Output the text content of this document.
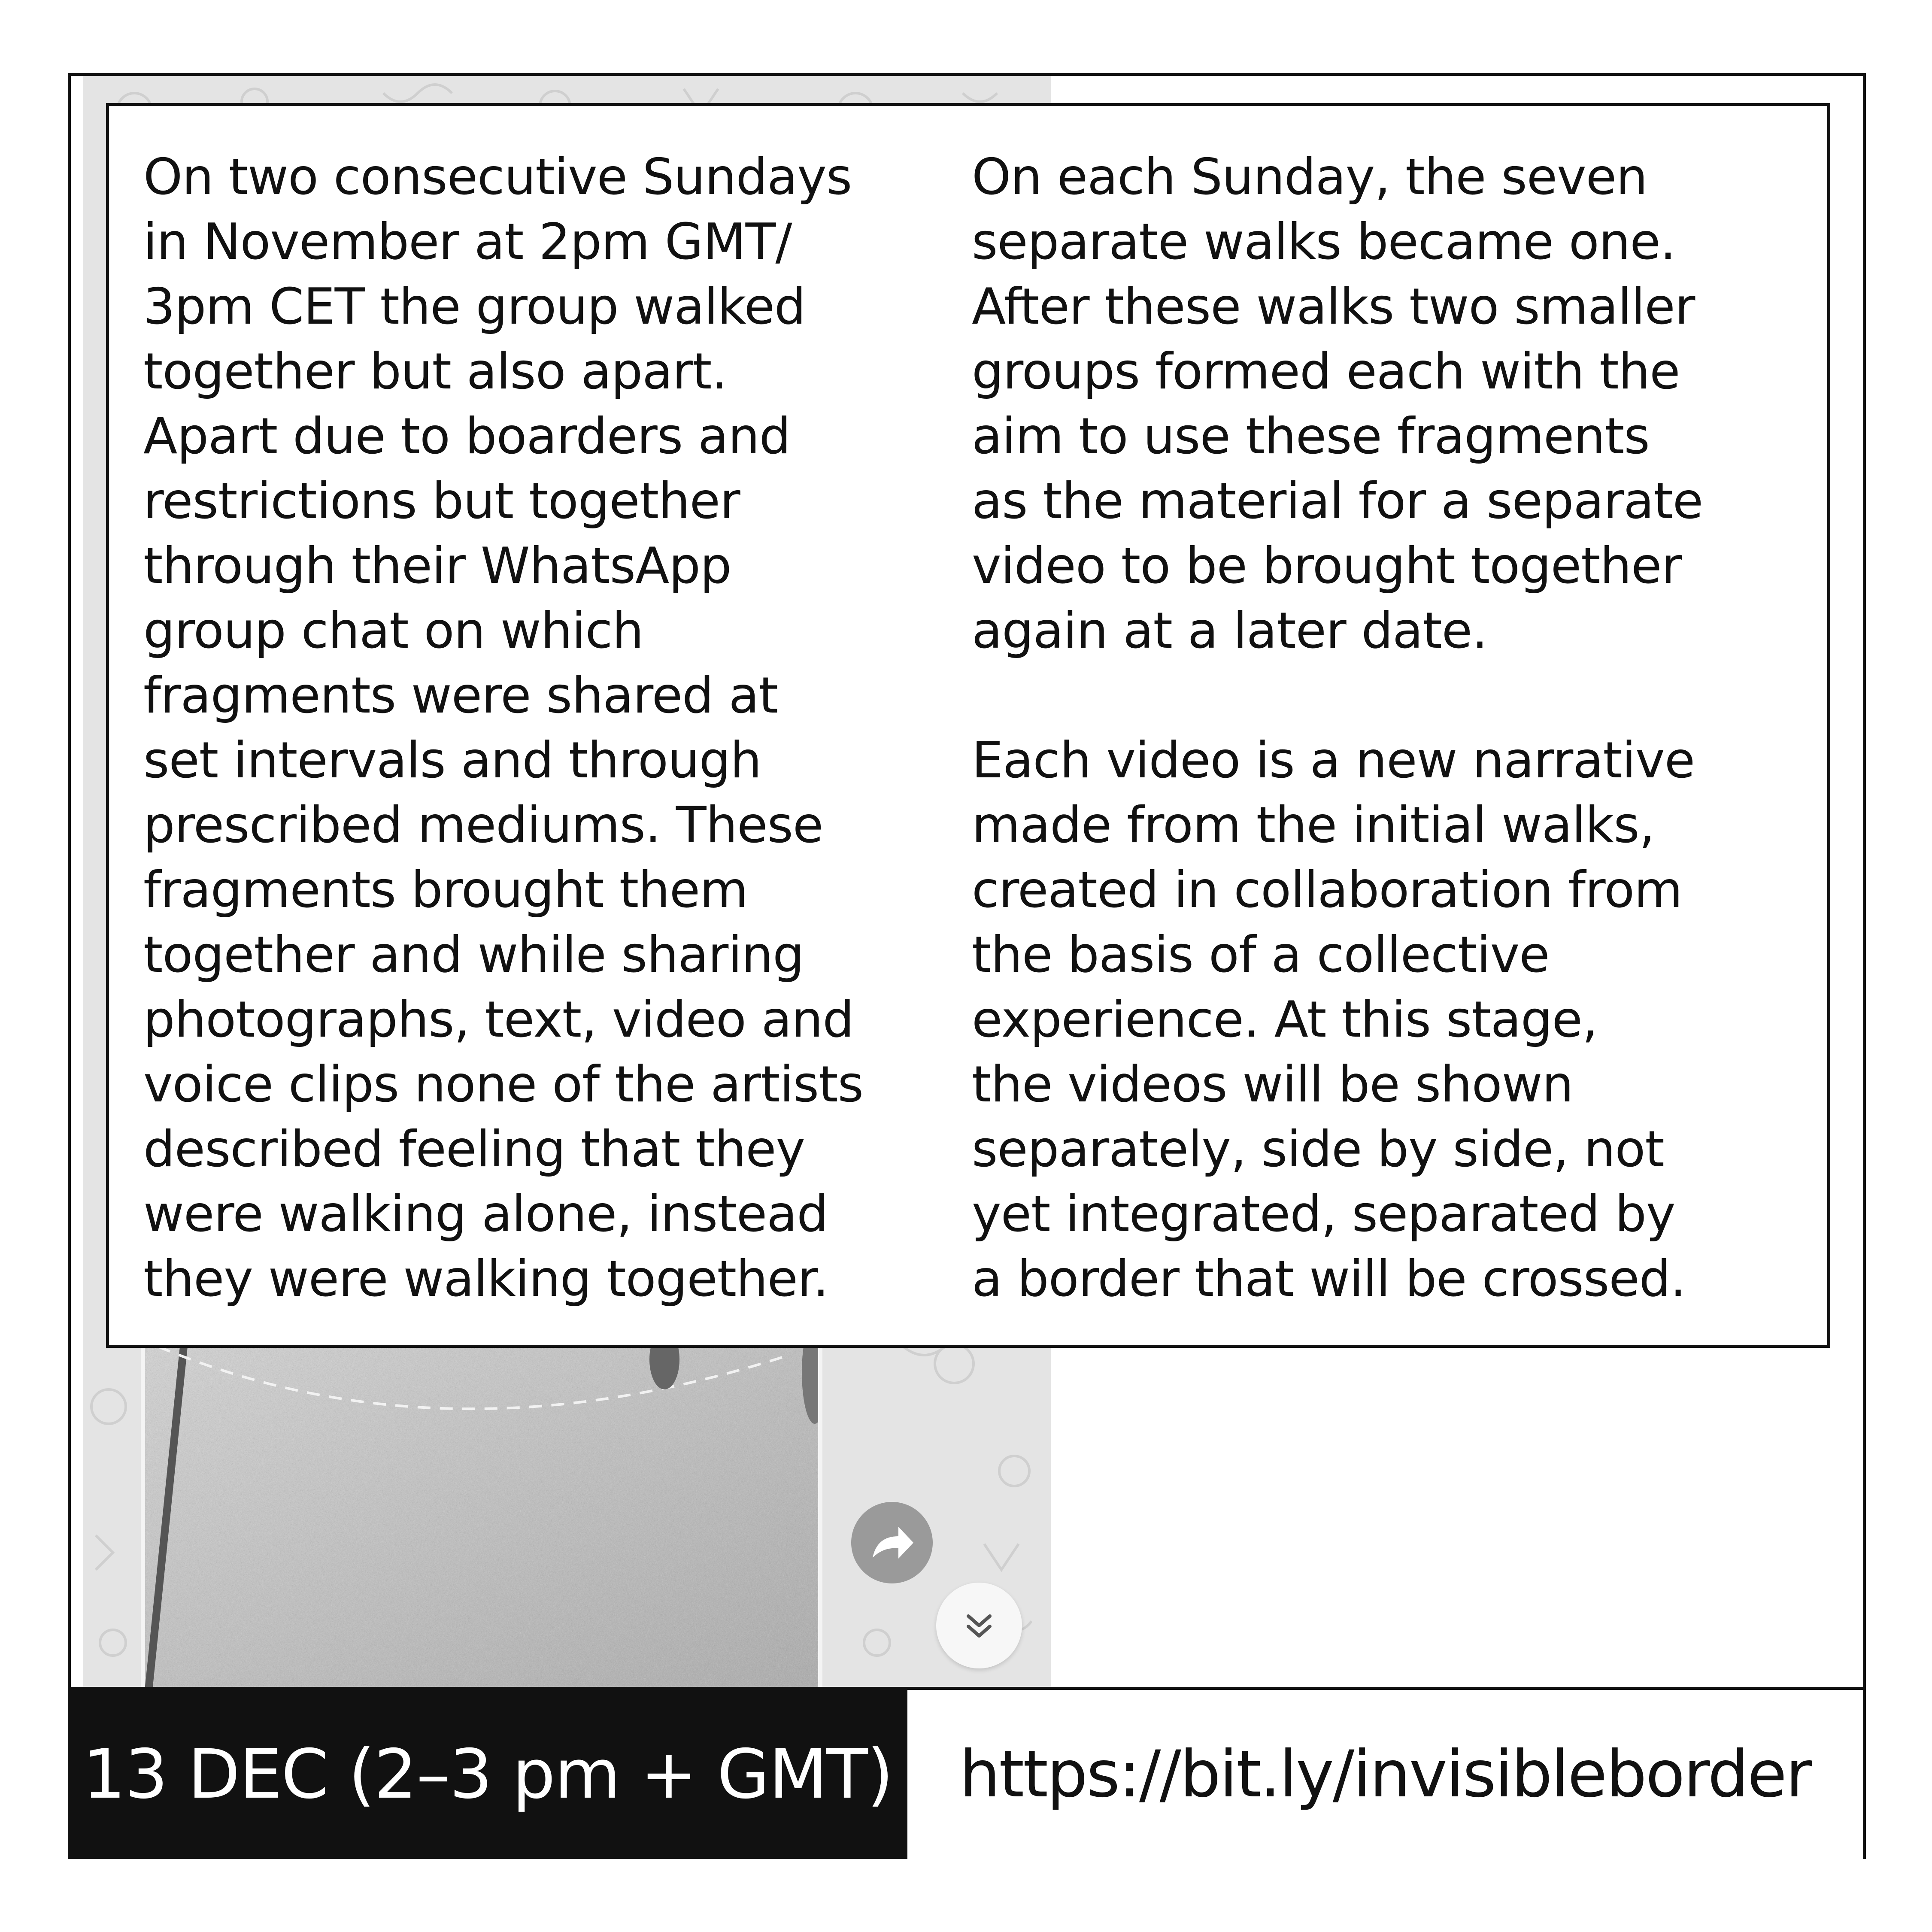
On two consecutive Sundays
in November at 2pm GMT/
3pm CET the group walked
together but also apart.
Apart due to boarders and
restrictions but together
through their WhatsApp
group chat on which
fragments were shared at
set intervals and through
prescribed mediums. These
fragments brought them
together and while sharing
photographs, text, video and
voice clips none of the artists
described feeling that they
were walking alone, instead
they were walking together.

On each Sunday, the seven
separate walks became one.
After these walks two smaller
groups formed each with the
aim to use these fragments
as the material for a separate
video to be brought together
again at a later date.

Each video is a new narrative
made from the initial walks,
created in collaboration from
the basis of a collective
experience. At this stage,
the videos will be shown
separately, side by side, not
yet integrated, separated by
a border that will be crossed.

13 DEC (2–3 pm + GMT)	https://bit.ly/invisibleborder
